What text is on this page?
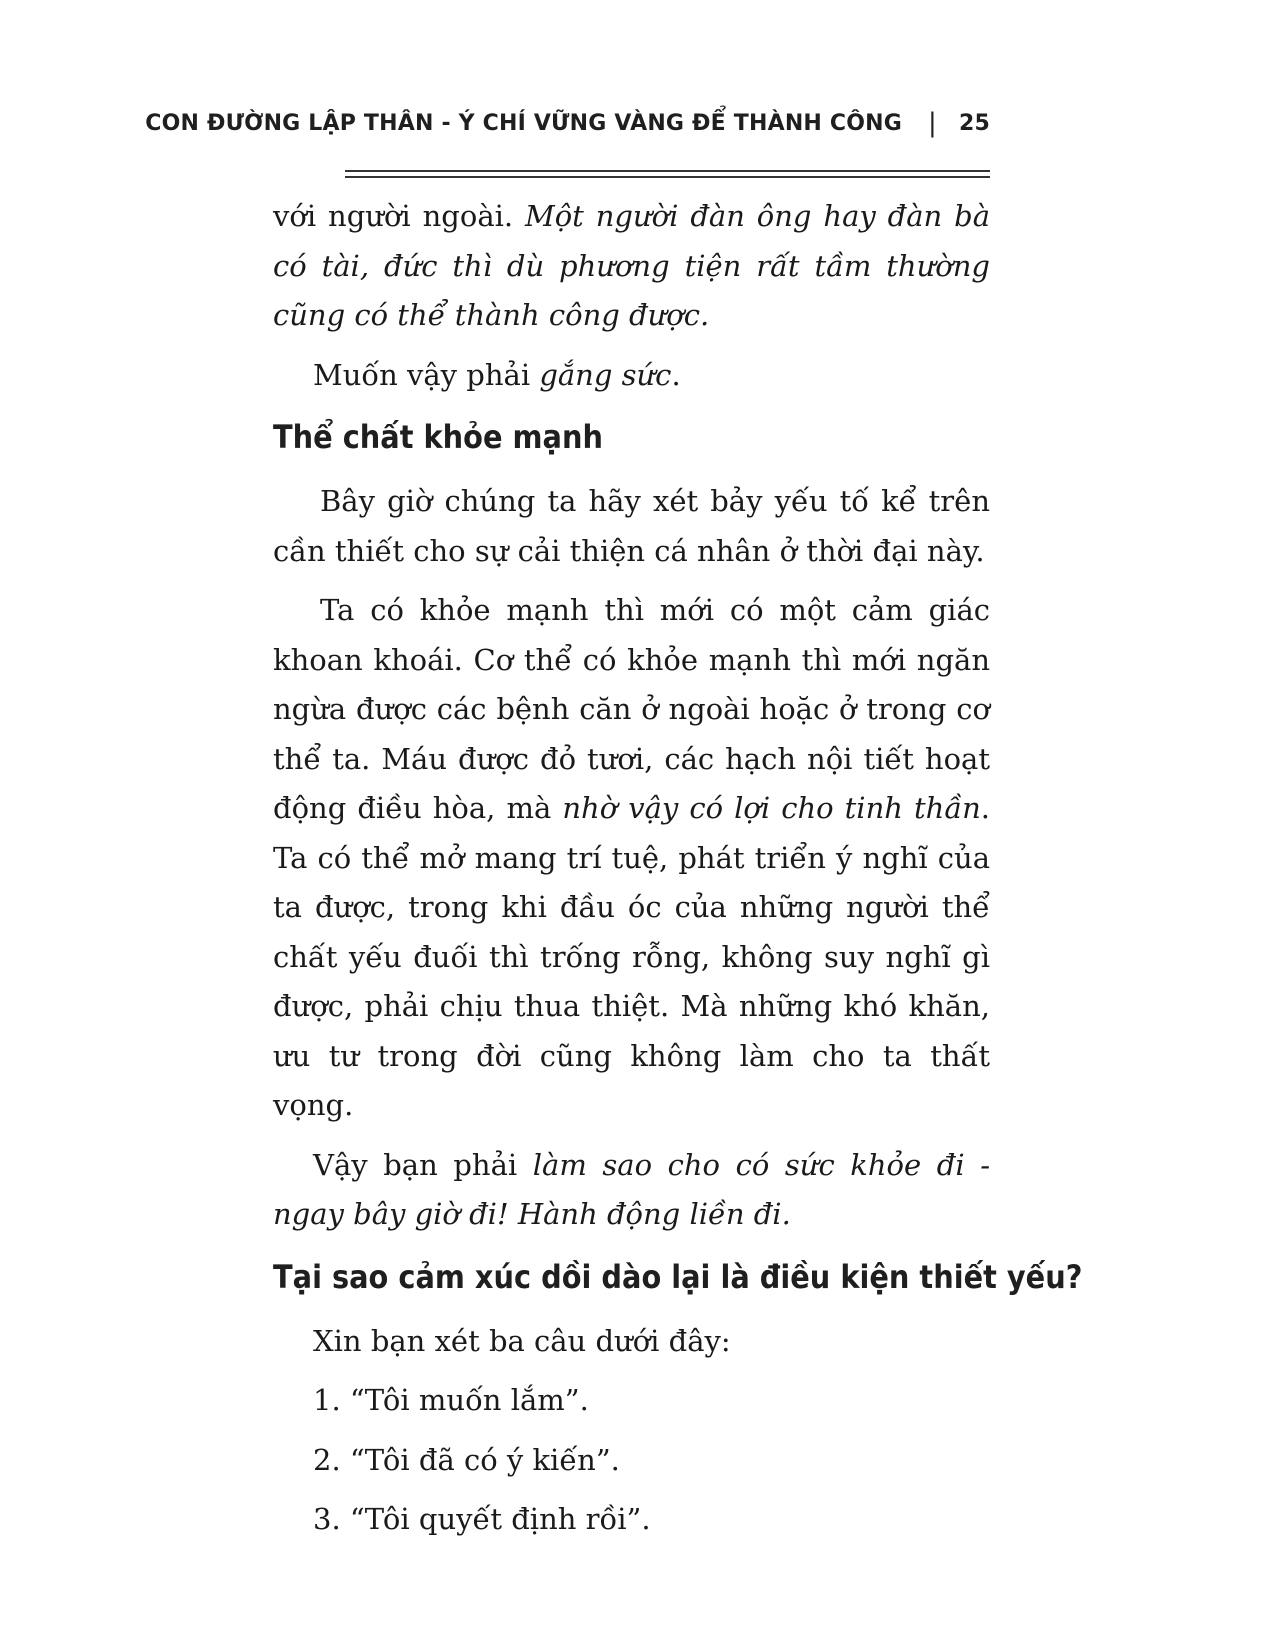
CON ĐƯỜNG LẬP THÂN - Ý CHÍ VỮNG VÀNG ĐỂ THÀNH CÔNG | 25

với người ngoài. Một người đàn ông hay đàn bà có tài, đức thì dù phương tiện rất tầm thường cũng có thể thành công được.

Muốn vậy phải gắng sức.

Thể chất khỏe mạnh

Bây giờ chúng ta hãy xét bảy yếu tố kể trên cần thiết cho sự cải thiện cá nhân ở thời đại này.

Ta có khỏe mạnh thì mới có một cảm giác khoan khoái. Cơ thể có khỏe mạnh thì mới ngăn ngừa được các bệnh căn ở ngoài hoặc ở trong cơ thể ta. Máu được đỏ tươi, các hạch nội tiết hoạt động điều hòa, mà nhờ vậy có lợi cho tinh thần. Ta có thể mở mang trí tuệ, phát triển ý nghĩ của ta được, trong khi đầu óc của những người thể chất yếu đuối thì trống rỗng, không suy nghĩ gì được, phải chịu thua thiệt. Mà những khó khăn, ưu tư trong đời cũng không làm cho ta thất vọng.

Vậy bạn phải làm sao cho có sức khỏe đi - ngay bây giờ đi! Hành động liền đi.

Tại sao cảm xúc dồi dào lại là điều kiện thiết yếu?

Xin bạn xét ba câu dưới đây:

1. “Tôi muốn lắm”.

2. “Tôi đã có ý kiến”.

3. “Tôi quyết định rồi”.
